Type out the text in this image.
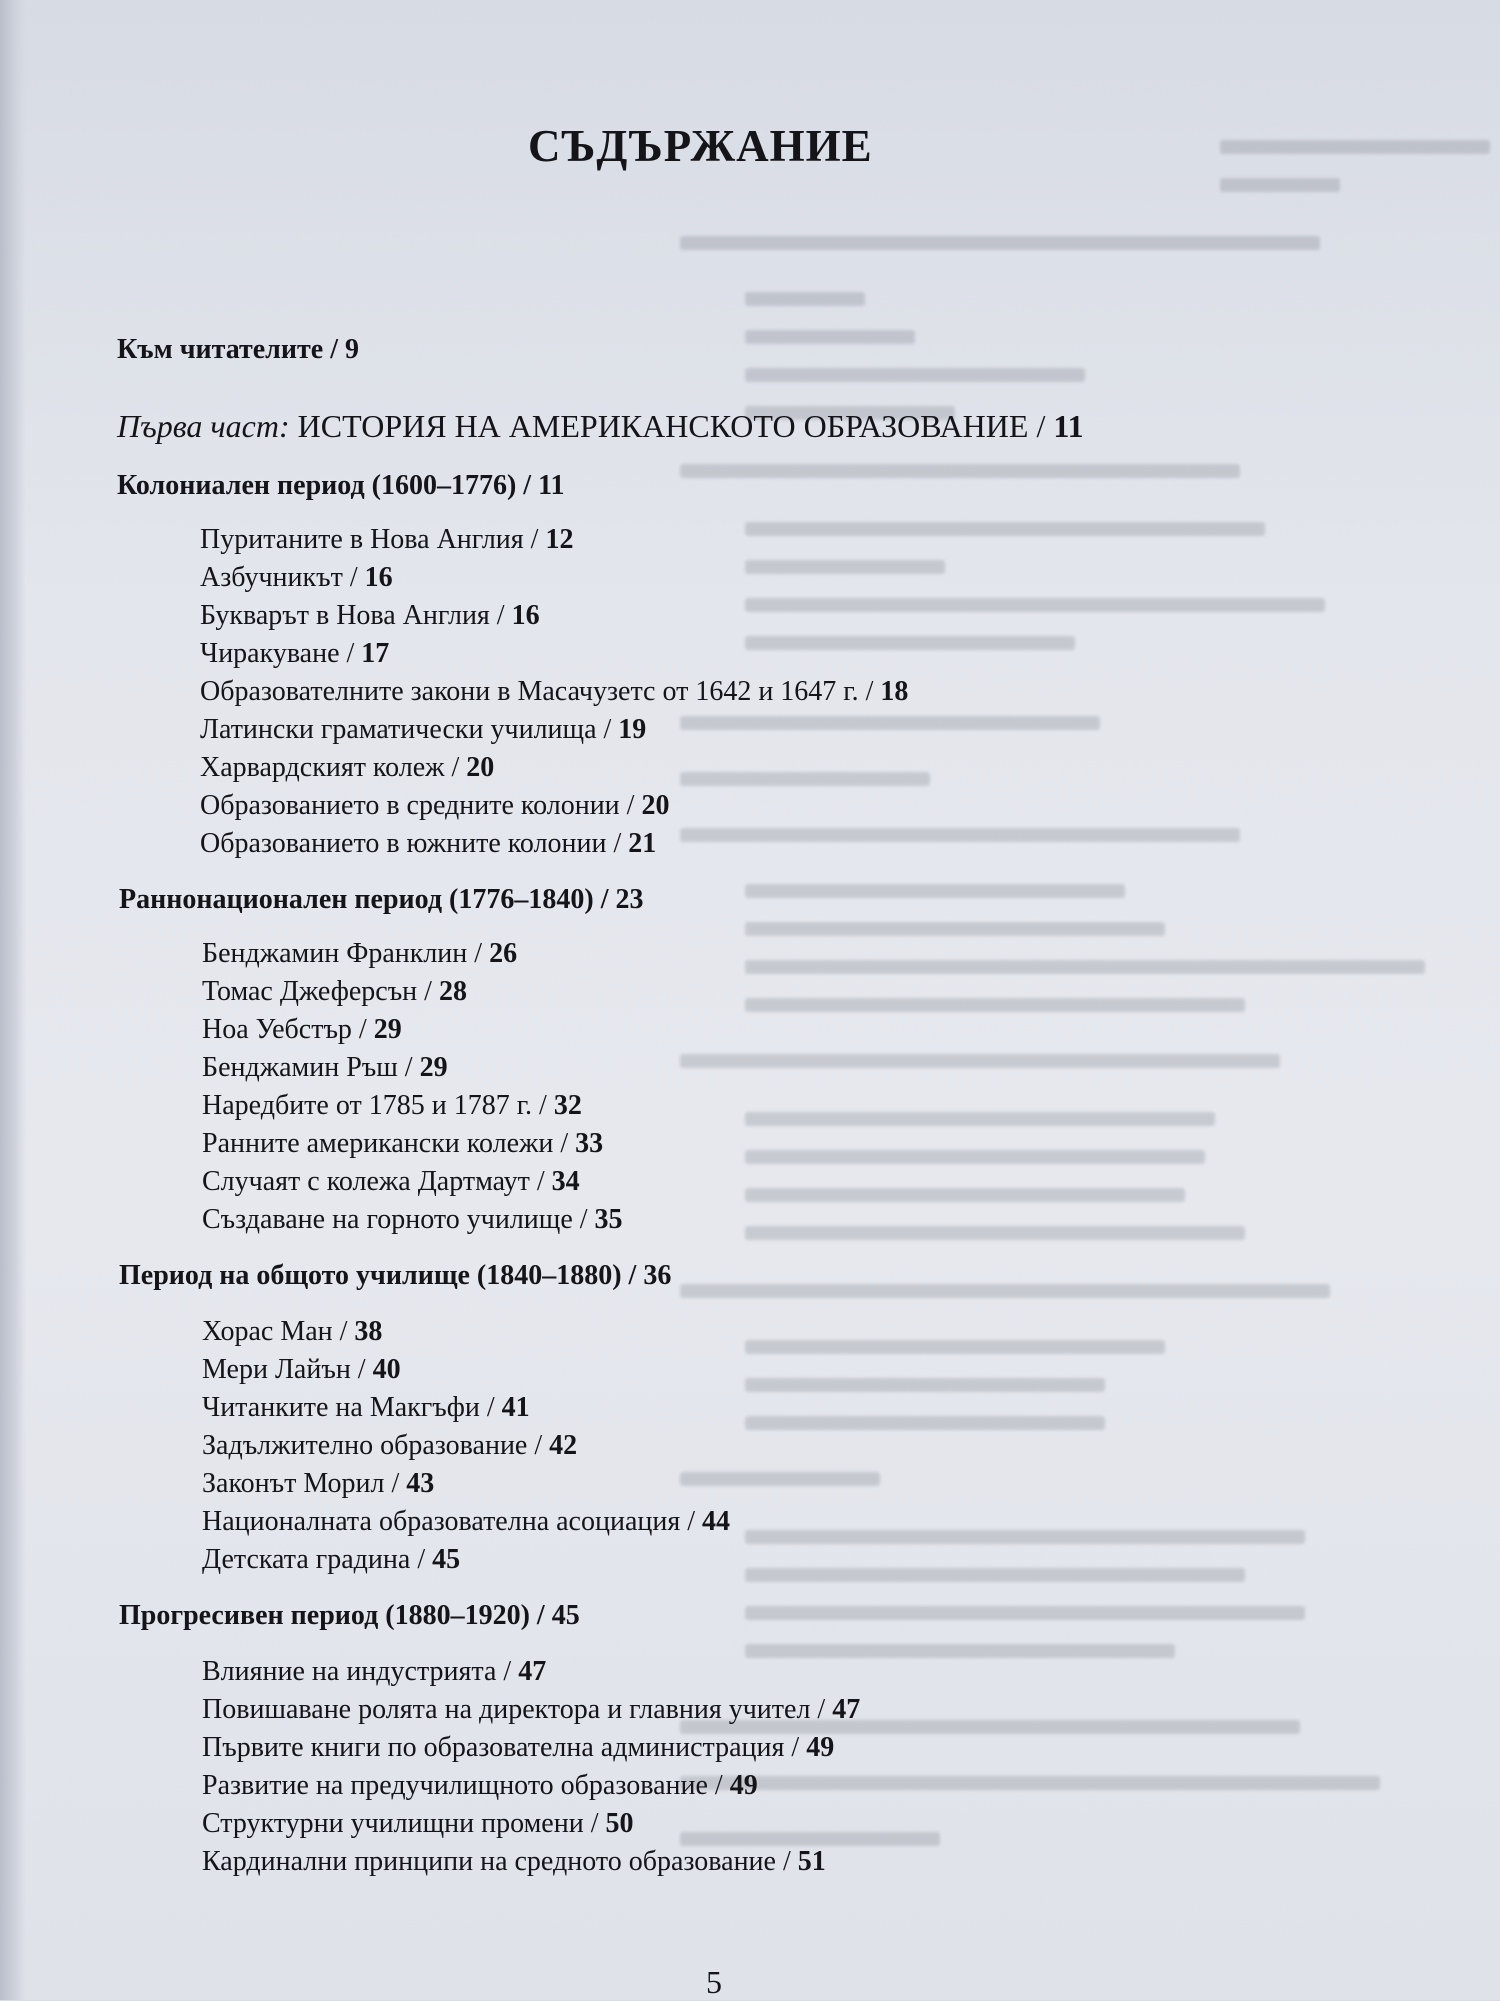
СЪДЪРЖАНИЕ
Към читателите / 9
Първа част: ИСТОРИЯ НА АМЕРИКАНСКОТО ОБРАЗОВАНИЕ / 11
Колониален период (1600–1776) / 11
Пуританите в Нова Англия / 12
Азбучникът / 16
Букварът в Нова Англия / 16
Чиракуване / 17
Образователните закони в Масачузетс от 1642 и 1647 г. / 18
Латински граматически училища / 19
Харвардският колеж / 20
Образованието в средните колонии / 20
Образованието в южните колонии / 21
Раннонационален период (1776–1840) / 23
Бенджамин Франклин / 26
Томас Джеферсън / 28
Ноа Уебстър / 29
Бенджамин Ръш / 29
Наредбите от 1785 и 1787 г. / 32
Ранните американски колежи / 33
Случаят с колежа Дартмаут / 34
Създаване на горното училище / 35
Период на общото училище (1840–1880) / 36
Хорас Ман / 38
Мери Лайън / 40
Читанките на Макгъфи / 41
Задължително образование / 42
Законът Морил / 43
Националната образователна асоциация / 44
Детската градина / 45
Прогресивен период (1880–1920) / 45
Влияние на индустрията / 47
Повишаване ролята на директора и главния учител / 47
Първите книги по образователна администрация / 49
Развитие на предучилищното образование / 49
Структурни училищни промени / 50
Кардинални принципи на средното образование / 51
5
